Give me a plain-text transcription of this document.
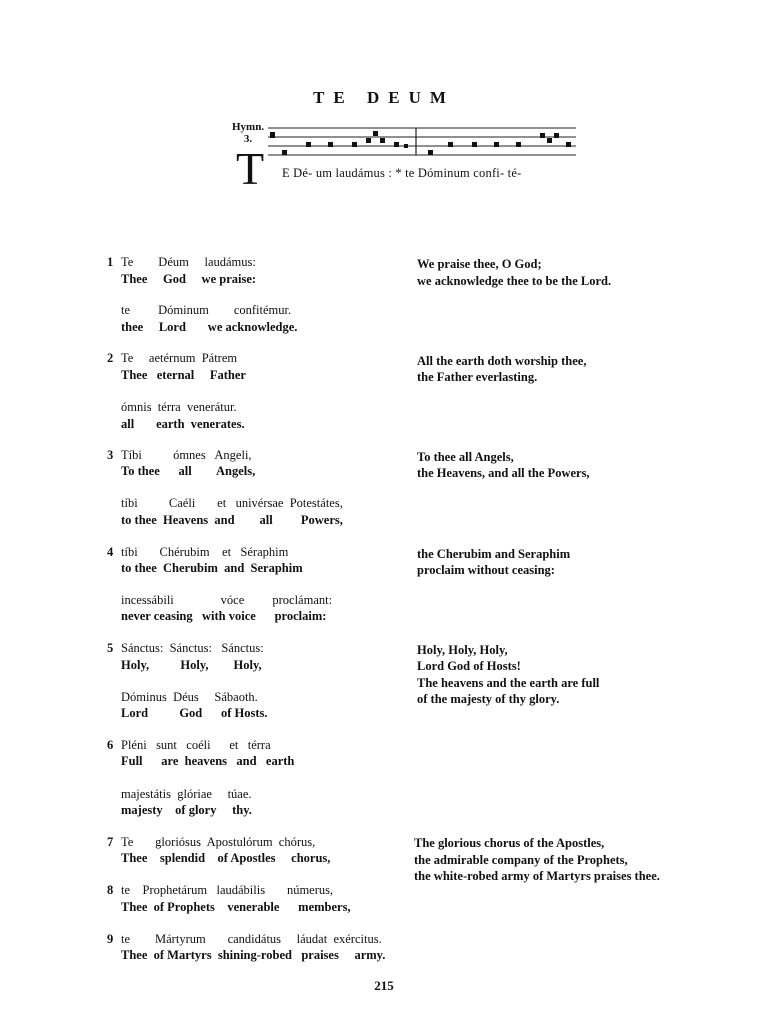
TE DEUM
Hymn.
3.
T E Dé- um laudámus : * te Dóminum confi- té-
1 Te        Déum     laudámus:
Thee     God     we praise:
te         Dóminum        confitémur.
thee     Lord       we acknowledge.
We praise thee, O God;
we acknowledge thee to be the Lord.
2 Te     aetérnum  Pátrem
Thee   eternal     Father
ómnis  térra  venerátur.
all       earth  venerates.
All the earth doth worship thee,
the Father everlasting.
3 Tíbi          ómnes   Angeli,
To thee      all        Angels,
tíbi          Caéli       et   univérsae  Potestátes,
to thee  Heavens  and        all         Powers,
To thee all Angels,
the Heavens, and all the Powers,
4 tíbi       Chérubim    et   Séraphim
to thee  Cherubim  and  Seraphim
incessábili               vóce         proclámant:
never ceasing   with voice      proclaim:
the Cherubim and Seraphim
proclaim without ceasing:
5 Sánctus:  Sánctus:   Sánctus:
Holy,          Holy,        Holy,
Dóminus  Déus     Sábaoth.
Lord          God      of Hosts.
Holy, Holy, Holy,
Lord God of Hosts!
The heavens and the earth are full
of the majesty of thy glory.
6 Pléni   sunt   coéli      et   térra
Full      are  heavens   and   earth
majestátis  glóriae     túae.
majesty    of glory     thy.
7 Te       gloriósus  Apostulórum  chórus,
Thee    splendid    of Apostles     chorus,
The glorious chorus of the Apostles,
the admirable company of the Prophets,
the white-robed army of Martyrs praises thee.
8 te    Prophetárum   laudábilis       númerus,
Thee  of Prophets    venerable      members,
9 te        Mártyrum       candidátus     láudat  exércitus.
Thee  of Martyrs  shining-robed   praises     army.
215
